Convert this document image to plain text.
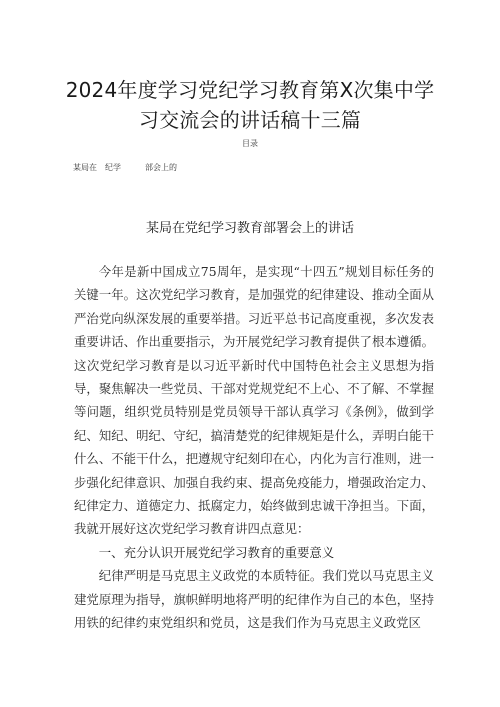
2024年度学习党纪学习教育第X次集中学习交流会的讲话稿十三篇
目录
某局在　纪学　　　部会上的
某局在党纪学习教育部署会上的讲话

今年是新中国成立75周年，是实现“十四五”规划目标任务的关键一年。这次党纪学习教育，是加强党的纪律建设、推动全面从严治党向纵深发展的重要举措。习近平总书记高度重视，多次发表重要讲话、作出重要指示，为开展党纪学习教育提供了根本遵循。这次党纪学习教育是以习近平新时代中国特色社会主义思想为指导，聚焦解决一些党员、干部对党规党纪不上心、不了解、不掌握等问题，组织党员特别是党员领导干部认真学习《条例》，做到学纪、知纪、明纪、守纪，搞清楚党的纪律规矩是什么，弄明白能干什么、不能干什么，把遵规守纪刻印在心，内化为言行准则，进一步强化纪律意识、加强自我约束、提高免疫能力，增强政治定力、纪律定力、道德定力、抵腐定力，始终做到忠诚干净担当。下面，我就开展好这次党纪学习教育讲四点意见：

一、充分认识开展党纪学习教育的重要意义

纪律严明是马克思主义政党的本质特征。我们党以马克思主义建党原理为指导，旗帜鲜明地将严明的纪律作为自己的本色，坚持用铁的纪律约束党组织和党员，这是我们作为马克思主义政党区
